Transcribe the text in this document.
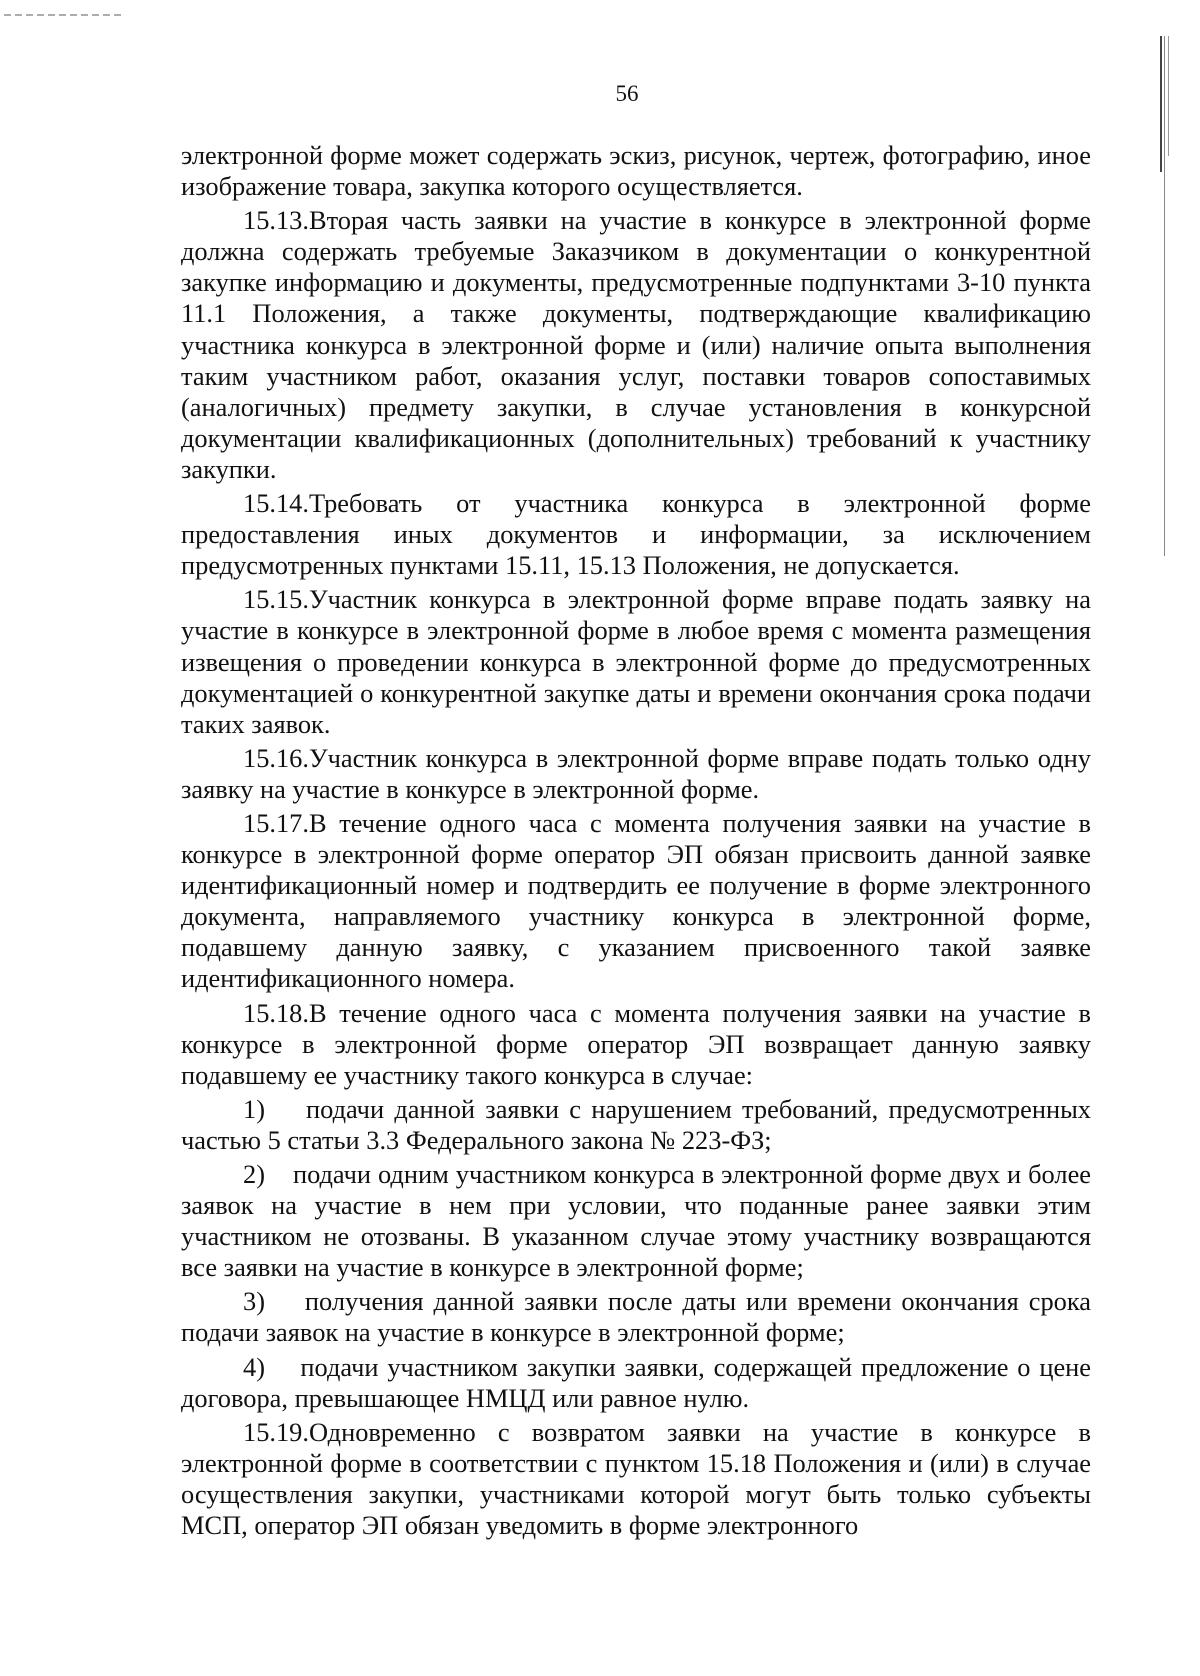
56

электронной форме может содержать эскиз, рисунок, чертеж, фотографию, иное изображение товара, закупка которого осуществляется.

15.13.Вторая часть заявки на участие в конкурсе в электронной форме должна содержать требуемые Заказчиком в документации о конкурентной закупке информацию и документы, предусмотренные подпунктами 3-10 пункта 11.1 Положения, а также документы, подтверждающие квалификацию участника конкурса в электронной форме и (или) наличие опыта выполнения таким участником работ, оказания услуг, поставки товаров сопоставимых (аналогичных) предмету закупки, в случае установления в конкурсной документации квалификационных (дополнительных) требований к участнику закупки.

15.14.Требовать от участника конкурса в электронной форме предоставления иных документов и информации, за исключением предусмотренных пунктами 15.11, 15.13 Положения, не допускается.

15.15.Участник конкурса в электронной форме вправе подать заявку на участие в конкурсе в электронной форме в любое время с момента размещения извещения о проведении конкурса в электронной форме до предусмотренных документацией о конкурентной закупке даты и времени окончания срока подачи таких заявок.

15.16.Участник конкурса в электронной форме вправе подать только одну заявку на участие в конкурсе в электронной форме.

15.17.В течение одного часа с момента получения заявки на участие в конкурсе в электронной форме оператор ЭП обязан присвоить данной заявке идентификационный номер и подтвердить ее получение в форме электронного документа, направляемого участнику конкурса в электронной форме, подавшему данную заявку, с указанием присвоенного такой заявке идентификационного номера.

15.18.В течение одного часа с момента получения заявки на участие в конкурсе в электронной форме оператор ЭП возвращает данную заявку подавшему ее участнику такого конкурса в случае:

1)    подачи данной заявки с нарушением требований, предусмотренных частью 5 статьи 3.3 Федерального закона № 223-ФЗ;

2)    подачи одним участником конкурса в электронной форме двух и более заявок на участие в нем при условии, что поданные ранее заявки этим участником не отозваны. В указанном случае этому участнику возвращаются все заявки на участие в конкурсе в электронной форме;

3)    получения данной заявки после даты или времени окончания срока подачи заявок на участие в конкурсе в электронной форме;

4)    подачи участником закупки заявки, содержащей предложение о цене договора, превышающее НМЦД или равное нулю.

15.19.Одновременно с возвратом заявки на участие в конкурсе в электронной форме в соответствии с пунктом 15.18 Положения и (или) в случае осуществления закупки, участниками которой могут быть только субъекты МСП, оператор ЭП обязан уведомить в форме электронного
